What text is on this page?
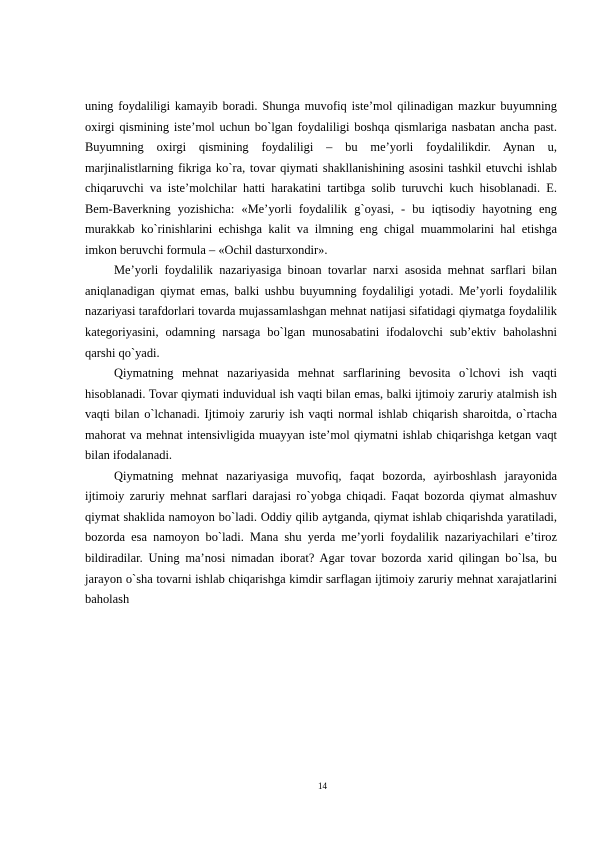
uning foydaliligi kamayib boradi. Shunga muvofiq iste’mol qilinadigan mazkur buyumning oxirgi qismining iste’mol uchun bo`lgan foydaliligi boshqa qismlariga nasbatan ancha past. Buyumning oxirgi qismining foydaliligi – bu me’yorli foydalilikdir. Aynan u, marjinalistlarning fikriga ko`ra, tovar qiymati shakllanishining asosini tashkil etuvchi ishlab chiqaruvchi va iste’molchilar hatti harakatini tartibga solib turuvchi kuch hisoblanadi. E. Bem-Baverkning yozishicha: «Me’yorli foydalilik g`oyasi, - bu iqtisodiy hayotning eng murakkab ko`rinishlarini echishga kalit va ilmning eng chigal muammolarini hal etishga imkon beruvchi formula – «Ochil dasturxondir».

Me’yorli foydalilik nazariyasiga binoan tovarlar narxi asosida mehnat sarflari bilan aniqlanadigan qiymat emas, balki ushbu buyumning foydaliligi yotadi. Me’yorli foydalilik nazariyasi tarafdorlari tovarda mujassamlashgan mehnat natijasi sifatidagi qiymatga foydalilik kategoriyasini, odamning narsaga bo`lgan munosabatini ifodalovchi sub’ektiv baholashni qarshi qo`yadi.

Qiymatning mehnat nazariyasida mehnat sarflarining bevosita o`lchovi ish vaqti hisoblanadi. Tovar qiymati induvidual ish vaqti bilan emas, balki ijtimoiy zaruriy atalmish ish vaqti bilan o`lchanadi. Ijtimoiy zaruriy ish vaqti normal ishlab chiqarish sharoitda, o`rtacha mahorat va mehnat intensivligida muayyan iste’mol qiymatni ishlab chiqarishga ketgan vaqt bilan ifodalanadi.

Qiymatning mehnat nazariyasiga muvofiq, faqat bozorda, ayirboshlash jarayonida ijtimoiy zaruriy mehnat sarflari darajasi ro`yobga chiqadi. Faqat bozorda qiymat almashuv qiymat shaklida namoyon bo`ladi. Oddiy qilib aytganda, qiymat ishlab chiqarishda yaratiladi, bozorda esa namoyon bo`ladi. Mana shu yerda me’yorli foydalilik nazariyachilari e’tiroz bildiradilar. Uning ma’nosi nimadan iborat? Agar tovar bozorda xarid qilingan bo`lsa, bu jarayon o`sha tovarni ishlab chiqarishga kimdir sarflagan ijtimoiy zaruriy mehnat xarajatlarini baholash

14
